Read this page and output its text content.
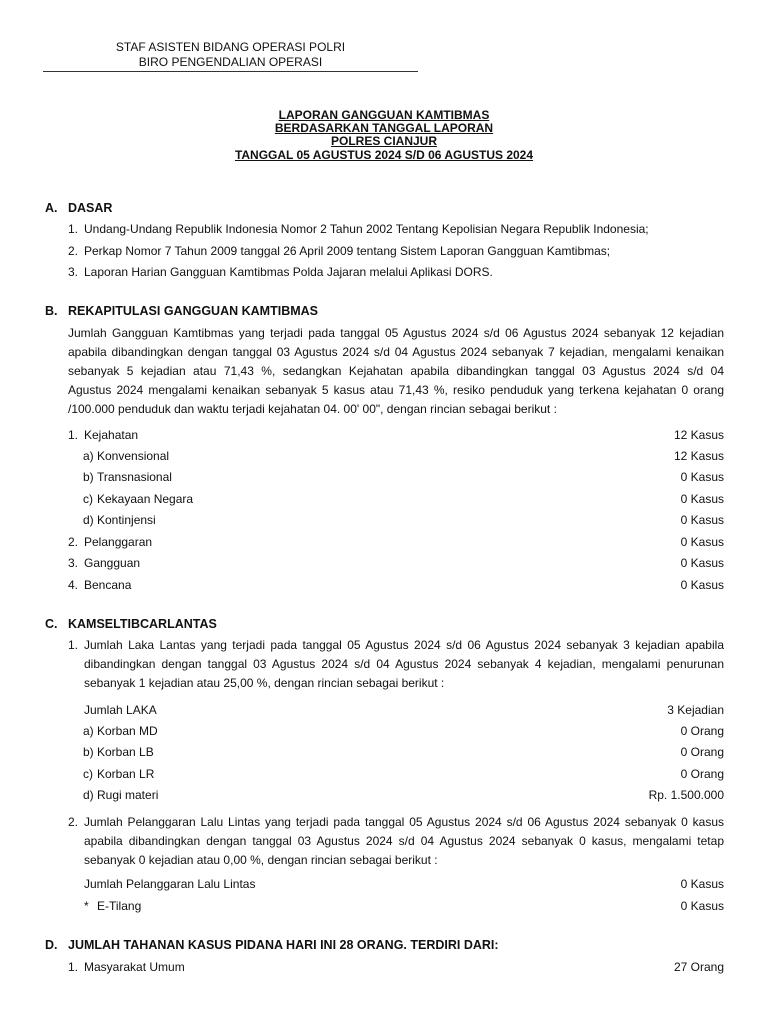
STAF ASISTEN BIDANG OPERASI POLRI
BIRO PENGENDALIAN OPERASI
LAPORAN GANGGUAN KAMTIBMAS
BERDASARKAN TANGGAL LAPORAN
POLRES CIANJUR
TANGGAL 05 AGUSTUS 2024 S/D 06 AGUSTUS 2024
A. DASAR
1. Undang-Undang Republik Indonesia Nomor 2 Tahun 2002 Tentang Kepolisian Negara Republik Indonesia;
2. Perkap Nomor 7 Tahun 2009 tanggal 26 April 2009 tentang Sistem Laporan Gangguan Kamtibmas;
3. Laporan Harian Gangguan Kamtibmas Polda Jajaran melalui Aplikasi DORS.
B. REKAPITULASI GANGGUAN KAMTIBMAS
Jumlah Gangguan Kamtibmas yang terjadi pada tanggal 05 Agustus 2024 s/d 06 Agustus 2024 sebanyak 12 kejadian
apabila dibandingkan dengan tanggal 03 Agustus 2024 s/d 04 Agustus 2024 sebanyak 7 kejadian, mengalami kenaikan
sebanyak 5 kejadian atau 71,43 %, sedangkan Kejahatan apabila dibandingkan tanggal 03 Agustus 2024 s/d 04
Agustus 2024 mengalami kenaikan sebanyak 5 kasus atau 71,43 %, resiko penduduk yang terkena kejahatan 0 orang
/100.000 penduduk dan waktu terjadi kejahatan 04. 00' 00", dengan rincian sebagai berikut :
1. Kejahatan	12 Kasus
a) Konvensional	12 Kasus
b) Transnasional	0 Kasus
c) Kekayaan Negara	0 Kasus
d) Kontinjensi	0 Kasus
2. Pelanggaran	0 Kasus
3. Gangguan	0 Kasus
4. Bencana	0 Kasus
C. KAMSELTIBCARLANTAS
1. Jumlah Laka Lantas yang terjadi pada tanggal 05 Agustus 2024 s/d 06 Agustus 2024 sebanyak 3 kejadian apabila
dibandingkan dengan tanggal 03 Agustus 2024 s/d 04 Agustus 2024 sebanyak 4 kejadian, mengalami penurunan
sebanyak 1 kejadian atau 25,00 %, dengan rincian sebagai berikut :
Jumlah LAKA	3 Kejadian
a) Korban MD	0 Orang
b) Korban LB	0 Orang
c) Korban LR	0 Orang
d) Rugi materi	Rp. 1.500.000
2. Jumlah Pelanggaran Lalu Lintas yang terjadi pada tanggal 05 Agustus 2024 s/d 06 Agustus 2024 sebanyak 0 kasus
apabila dibandingkan dengan tanggal 03 Agustus 2024 s/d 04 Agustus 2024 sebanyak 0 kasus, mengalami tetap
sebanyak 0 kejadian atau 0,00 %, dengan rincian sebagai berikut :
Jumlah Pelanggaran Lalu Lintas	0 Kasus
* E-Tilang	0 Kasus
D. JUMLAH TAHANAN KASUS PIDANA HARI INI 28 ORANG. TERDIRI DARI:
1. Masyarakat Umum	27 Orang
